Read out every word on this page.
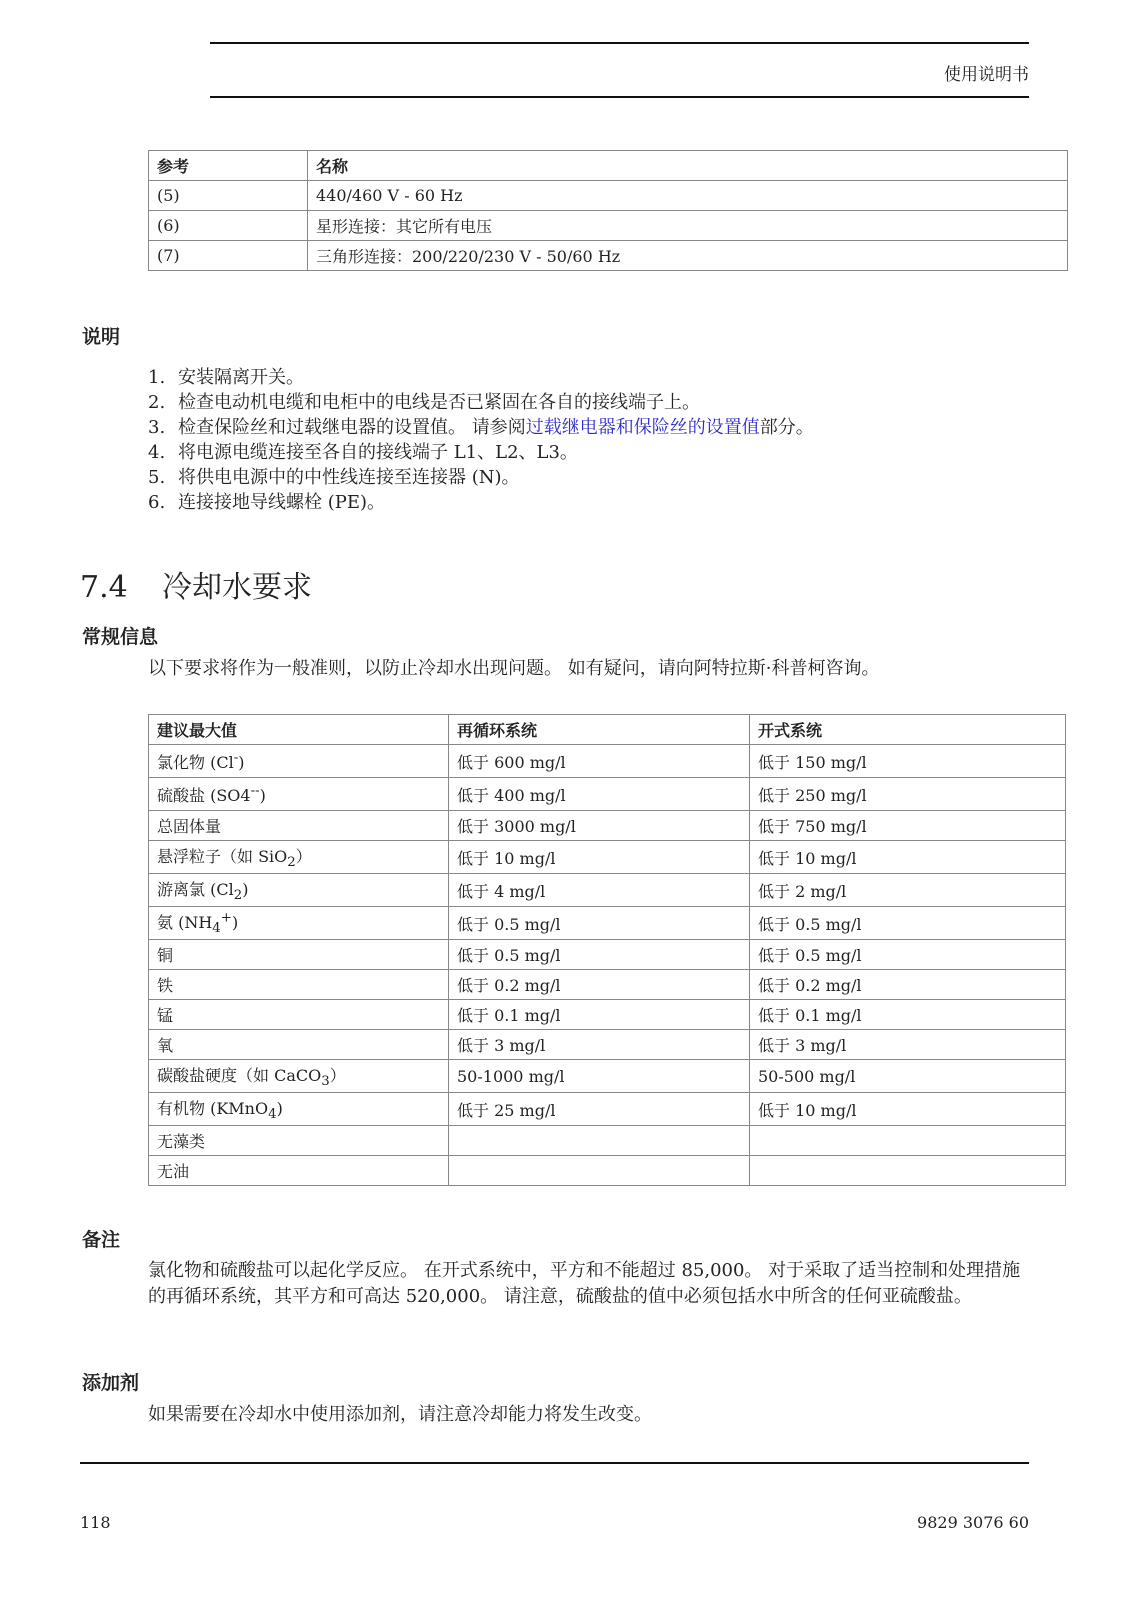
使用说明书
参考	名称
(5)	440/460 V - 60 Hz
(6)	星形连接：其它所有电压
(7)	三角形连接：200/220/230 V - 50/60 Hz
说明
1. 安装隔离开关。
2. 检查电动机电缆和电柜中的电线是否已紧固在各自的接线端子上。
3. 检查保险丝和过载继电器的设置值。 请参阅过载继电器和保险丝的设置值部分。
4. 将电源电缆连接至各自的接线端子 L1、L2、L3。
5. 将供电电源中的中性线连接至连接器 (N)。
6. 连接接地导线螺栓 (PE)。
7.4 冷却水要求
常规信息

以下要求将作为一般准则，以防止冷却水出现问题。 如有疑问，请向阿特拉斯·科普柯咨询。

建议最大值	再循环系统	开式系统
氯化物 (Cl-)	低于 600 mg/l	低于 150 mg/l
硫酸盐 (SO4--)	低于 400 mg/l	低于 250 mg/l
总固体量	低于 3000 mg/l	低于 750 mg/l
悬浮粒子（如 SiO$_2$）	低于 10 mg/l	低于 10 mg/l
游离氯 $(Cl_2)$	低于 4 mg/l	低于 2 mg/l
氨 $(NH_4^+)$	低于 0.5 mg/l	低于 0.5 mg/l
铜	低于 0.5 mg/l	低于 0.5 mg/l
铁	低于 0.2 mg/l	低于 0.2 mg/l
锰	低于 0.1 mg/l	低于 0.1 mg/l
氧	低于 3 mg/l	低于 3 mg/l
碳酸盐硬度（如 CaCO$_3$）	50-1000 mg/l	50-500 mg/l
有机物 (KMnO$_4$)	低于 25 mg/l	低于 10 mg/l
无藻类		
无油		
备注

氯化物和硫酸盐可以起化学反应。 在开式系统中，平方和不能超过 85,000。 对于采取了适当控制和处理措施的再循环系统，其平方和可高达 520,000。 请注意，硫酸盐的值中必须包括水中所含的任何亚硫酸盐。

添加剂

如果需要在冷却水中使用添加剂，请注意冷却能力将发生改变。

118	9829 3076 60
